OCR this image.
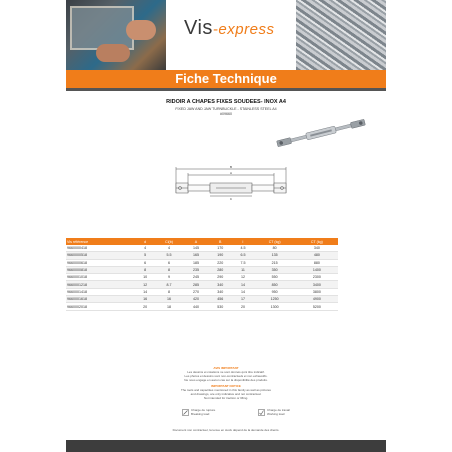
Vis-express
Fiche Technique
RIDOIR A CHAPES FIXES SOUDEES- INOX A4
FIXED JAW AND JAW TURNBUCKLE - STAINLESS STEEL A4
#09660
B
A
C
AVIS IMPORTANT
Les dessins et cotations ne sont donnés qu'à titre indicatif.
Les photos et dessins sont non-contractuels et non exhaustifs.
Ne nous engage en aucun cas sur la disponibilité des produits.
IMPORTANT NOTICE
The tools and capacities mentioned in this family as well as pictures
and drawings, are only indicative and not contractual.
Not intended for traction or lifting.
Charge de rupture
Breaking load
Charge de travail
Working load
Document non contractuel, la tenue en stock dépend de la demande des clients.
Vis référence	d	Cl(b)	A	B	l	CT (kg)	CT (kg)
9660000418	4	4	145	170	4.5	80	340
9660000518	5	5.5	165	190	6.5	135	480
9660000618	6	6	185	220	7.5	215	880
9660000818	8	8	235	280	11	350	1400
9660001018	10	9	245	290	12	550	2300
9660001218	12	8.7	285	340	14	850	3400
9660001418	14	8	270	340	14	950	3800
9660001618	16	16	420	456	17	1250	4900
9660002018	20	18	440	530	20	1300	5200
